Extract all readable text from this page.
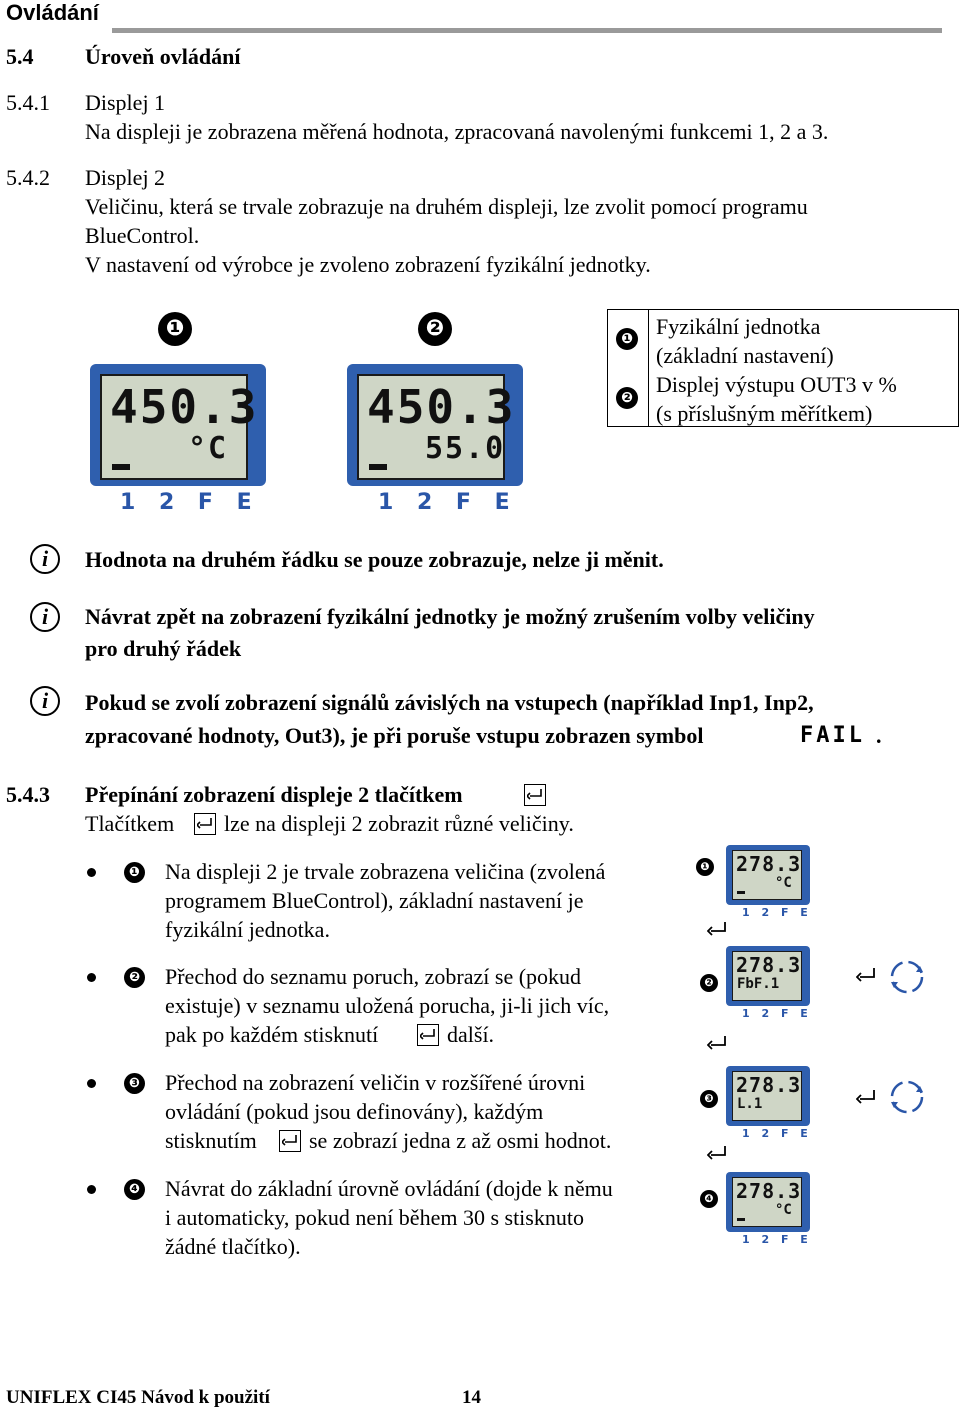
Ovládání
5.4 Úroveň ovládání
5.4.1 Displej 1
Na displeji je zobrazena měřená hodnota, zpracovaná navolenými funkcemi 1, 2 a 3.
5.4.2 Displej 2
Veličinu, která se trvale zobrazuje na druhém displeji, lze zvolit pomocí programu
BlueControl.
V nastavení od výrobce je zvoleno zobrazení fyzikální jednotky.
❶
450.3
°C
1 2 F E
❷
450.3
55.0
1 2 F E
❶ Fyzikální jednotka
(základní nastavení)
❷
Displej výstupu OUT3 v %
(s příslušným měřítkem)
i	Hodnota na druhém řádku se pouze zobrazuje, nelze ji měnit.
i	Návrat zpět na zobrazení fyzikální jednotky je možný zrušením volby veličiny
pro druhý řádek
i	Pokud se zvolí zobrazení signálů závislých na vstupech (například Inp1, Inp2,
zpracované hodnoty, Out3), je při poruše vstupu zobrazen symbol	FAIL .
5.4.3 Přepínání zobrazení displeje 2 tlačítkem
Tlačítkem lze na displeji 2 zobrazit různé veličiny.
❶ Na displeji 2 je trvale zobrazena veličina (zvolená
programem BlueControl), základní nastavení je
fyzikální jednotka.
❷ Přechod do seznamu poruch, zobrazí se (pokud
existuje) v seznamu uložená porucha, ji-li jich víc,
pak po každém stisknutí	další.
❸ Přechod na zobrazení veličin v rozšířené úrovni
ovládání (pokud jsou definovány), každým
stisknutím se zobrazí jedna z až osmi hodnot.
❹ Návrat do základní úrovně ovládání (dojde k němu
i automaticky, pokud není během 30 s stisknuto
žádné tlačítko).
❶ 278.3
°C
1 2 F E
❷
278.3
FbF.1
1 2 F E
❸
278.3
L.1
1 2 F E
❹ 278.3
°C
1 2 F E
UNIFLEX CI45 Návod k použití	14
